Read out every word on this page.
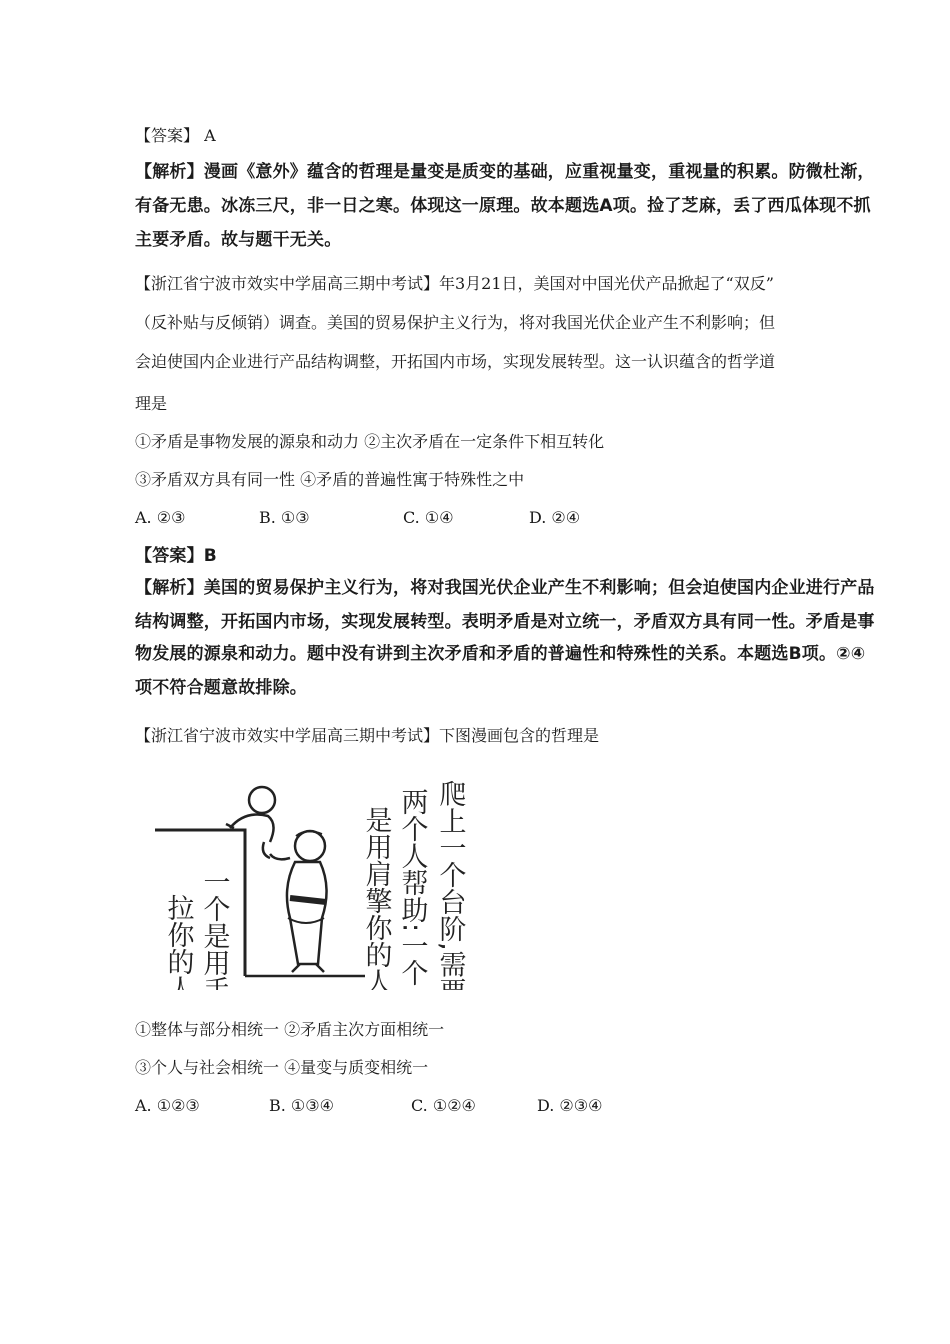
【答案】 A
【解析】漫画《意外》蕴含的哲理是量变是质变的基础，应重视量变，重视量的积累。防微杜渐，
有备无患。冰冻三尺，非一日之寒。体现这一原理。故本题选A项。捡了芝麻，丢了西瓜体现不抓
主要矛盾。故与题干无关。
【浙江省宁波市效实中学届高三期中考试】年3月21日，美国对中国光伏产品掀起了“双反”
（反补贴与反倾销）调查。美国的贸易保护主义行为，将对我国光伏企业产生不利影响；但
会迫使国内企业进行产品结构调整，开拓国内市场，实现发展转型。这一认识蕴含的哲学道
理是
①矛盾是事物发展的源泉和动力 ②主次矛盾在一定条件下相互转化
③矛盾双方具有同一性 ④矛盾的普遍性寓于特殊性之中
A. ②③	B. ①③	C. ①④	D. ②④
【答案】B
【解析】美国的贸易保护主义行为，将对我国光伏企业产生不利影响；但会迫使国内企业进行产品
结构调整，开拓国内市场，实现发展转型。表明矛盾是对立统一，矛盾双方具有同一性。矛盾是事
物发展的源泉和动力。题中没有讲到主次矛盾和矛盾的普遍性和特殊性的关系。本题选B项。②④
项不符合题意故排除。
【浙江省宁波市效实中学届高三期中考试】下图漫画包含的哲理是
爬上一个台阶,需要
两个人帮助:一个
是用肩擎你的人,
一个是用手
拉你的人。
①整体与部分相统一 ②矛盾主次方面相统一
③个人与社会相统一 ④量变与质变相统一
A. ①②③	B. ①③④	C. ①②④	D. ②③④
